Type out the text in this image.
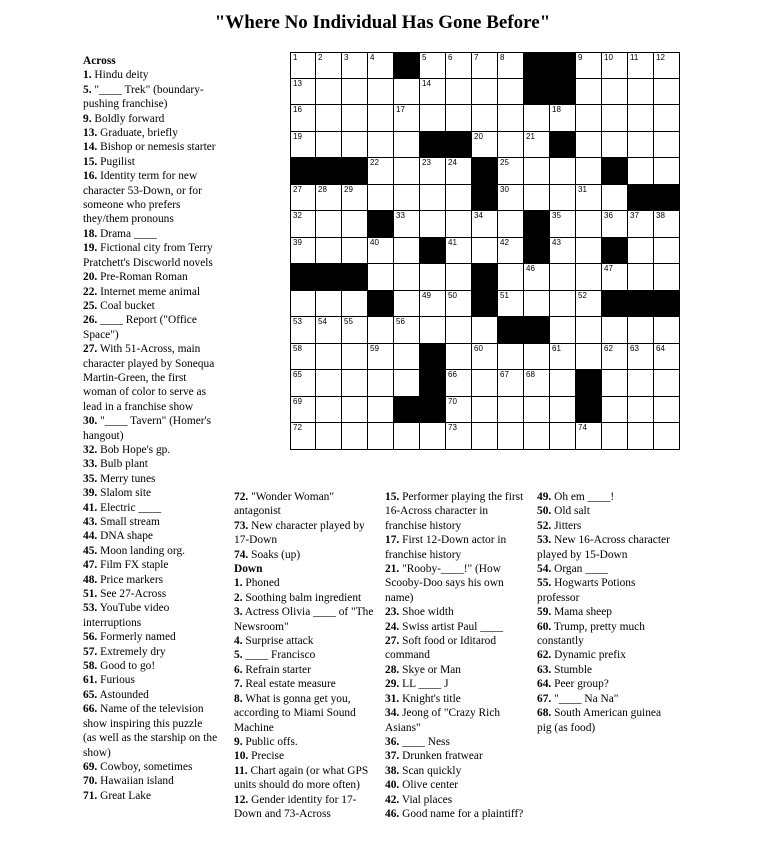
"Where No Individual Has Gone Before"
1	2	3	4	5	6	7	8	9	10 11 12
13	14
16	17	18
19	20	21
22	23 24	25
27 28 29	30	31
32	33	34	35	36 37 38
39	40	41	42	43
46	47
49 50	51	52
53 54 55	56
58	59	60	61	62 63 64
65	66	67 68
69	70
72	73	74

Across

1. Hindu deity

5. "____ Trek" (boundary-pushing franchise)

9. Boldly forward

13. Graduate, briefly

14. Bishop or nemesis starter

15. Pugilist

16. Identity term for new character 53-Down, or for someone who prefers they/them pronouns

18. Drama ____

19. Fictional city from Terry Pratchett's Discworld novels

20. Pre-Roman Roman

22. Internet meme animal

25. Coal bucket

26. ____ Report ("Office Space")

27. With 51-Across, main character played by Sonequa Martin-Green, the first woman of color to serve as lead in a franchise show

30. "____ Tavern" (Homer's hangout)

32. Bob Hope's gp.

33. Bulb plant

35. Merry tunes

39. Slalom site

41. Electric ____

43. Small stream

44. DNA shape

45. Moon landing org.

47. Film FX staple

48. Price markers

51. See 27-Across

53. YouTube video interruptions

56. Formerly named

57. Extremely dry

58. Good to go!

61. Furious

65. Astounded

66. Name of the television show inspiring this puzzle (as well as the starship on the show)

69. Cowboy, sometimes

70. Hawaiian island

71. Great Lake

72. "Wonder Woman" antagonist

73. New character played by 17-Down

74. Soaks (up)

Down

1. Phoned

2. Soothing balm ingredient

3. Actress Olivia ____ of "The Newsroom"

4. Surprise attack

5. ____ Francisco

6. Refrain starter

7. Real estate measure

8. What is gonna get you, according to Miami Sound Machine

9. Public offs.

10. Precise

11. Chart again (or what GPS units should do more often)

12. Gender identity for 17-Down and 73-Across

15. Performer playing the first 16-Across character in franchise history

17. First 12-Down actor in franchise history

21. "Rooby-____!" (How Scooby-Doo says his own name)

23. Shoe width

24. Swiss artist Paul ____

27. Soft food or Iditarod command

28. Skye or Man

29. LL ____ J

31. Knight's title

34. Jeong of "Crazy Rich Asians"

36. ____ Ness

37. Drunken fratwear

38. Scan quickly

40. Olive center

42. Vial places

46. Good name for a plaintiff?

49. Oh em ____!

50. Old salt

52. Jitters

53. New 16-Across character played by 15-Down

54. Organ ____

55. Hogwarts Potions professor

59. Mama sheep

60. Trump, pretty much constantly

62. Dynamic prefix

63. Stumble

64. Peer group?

67. "____ Na Na"

68. South American guinea pig (as food)
